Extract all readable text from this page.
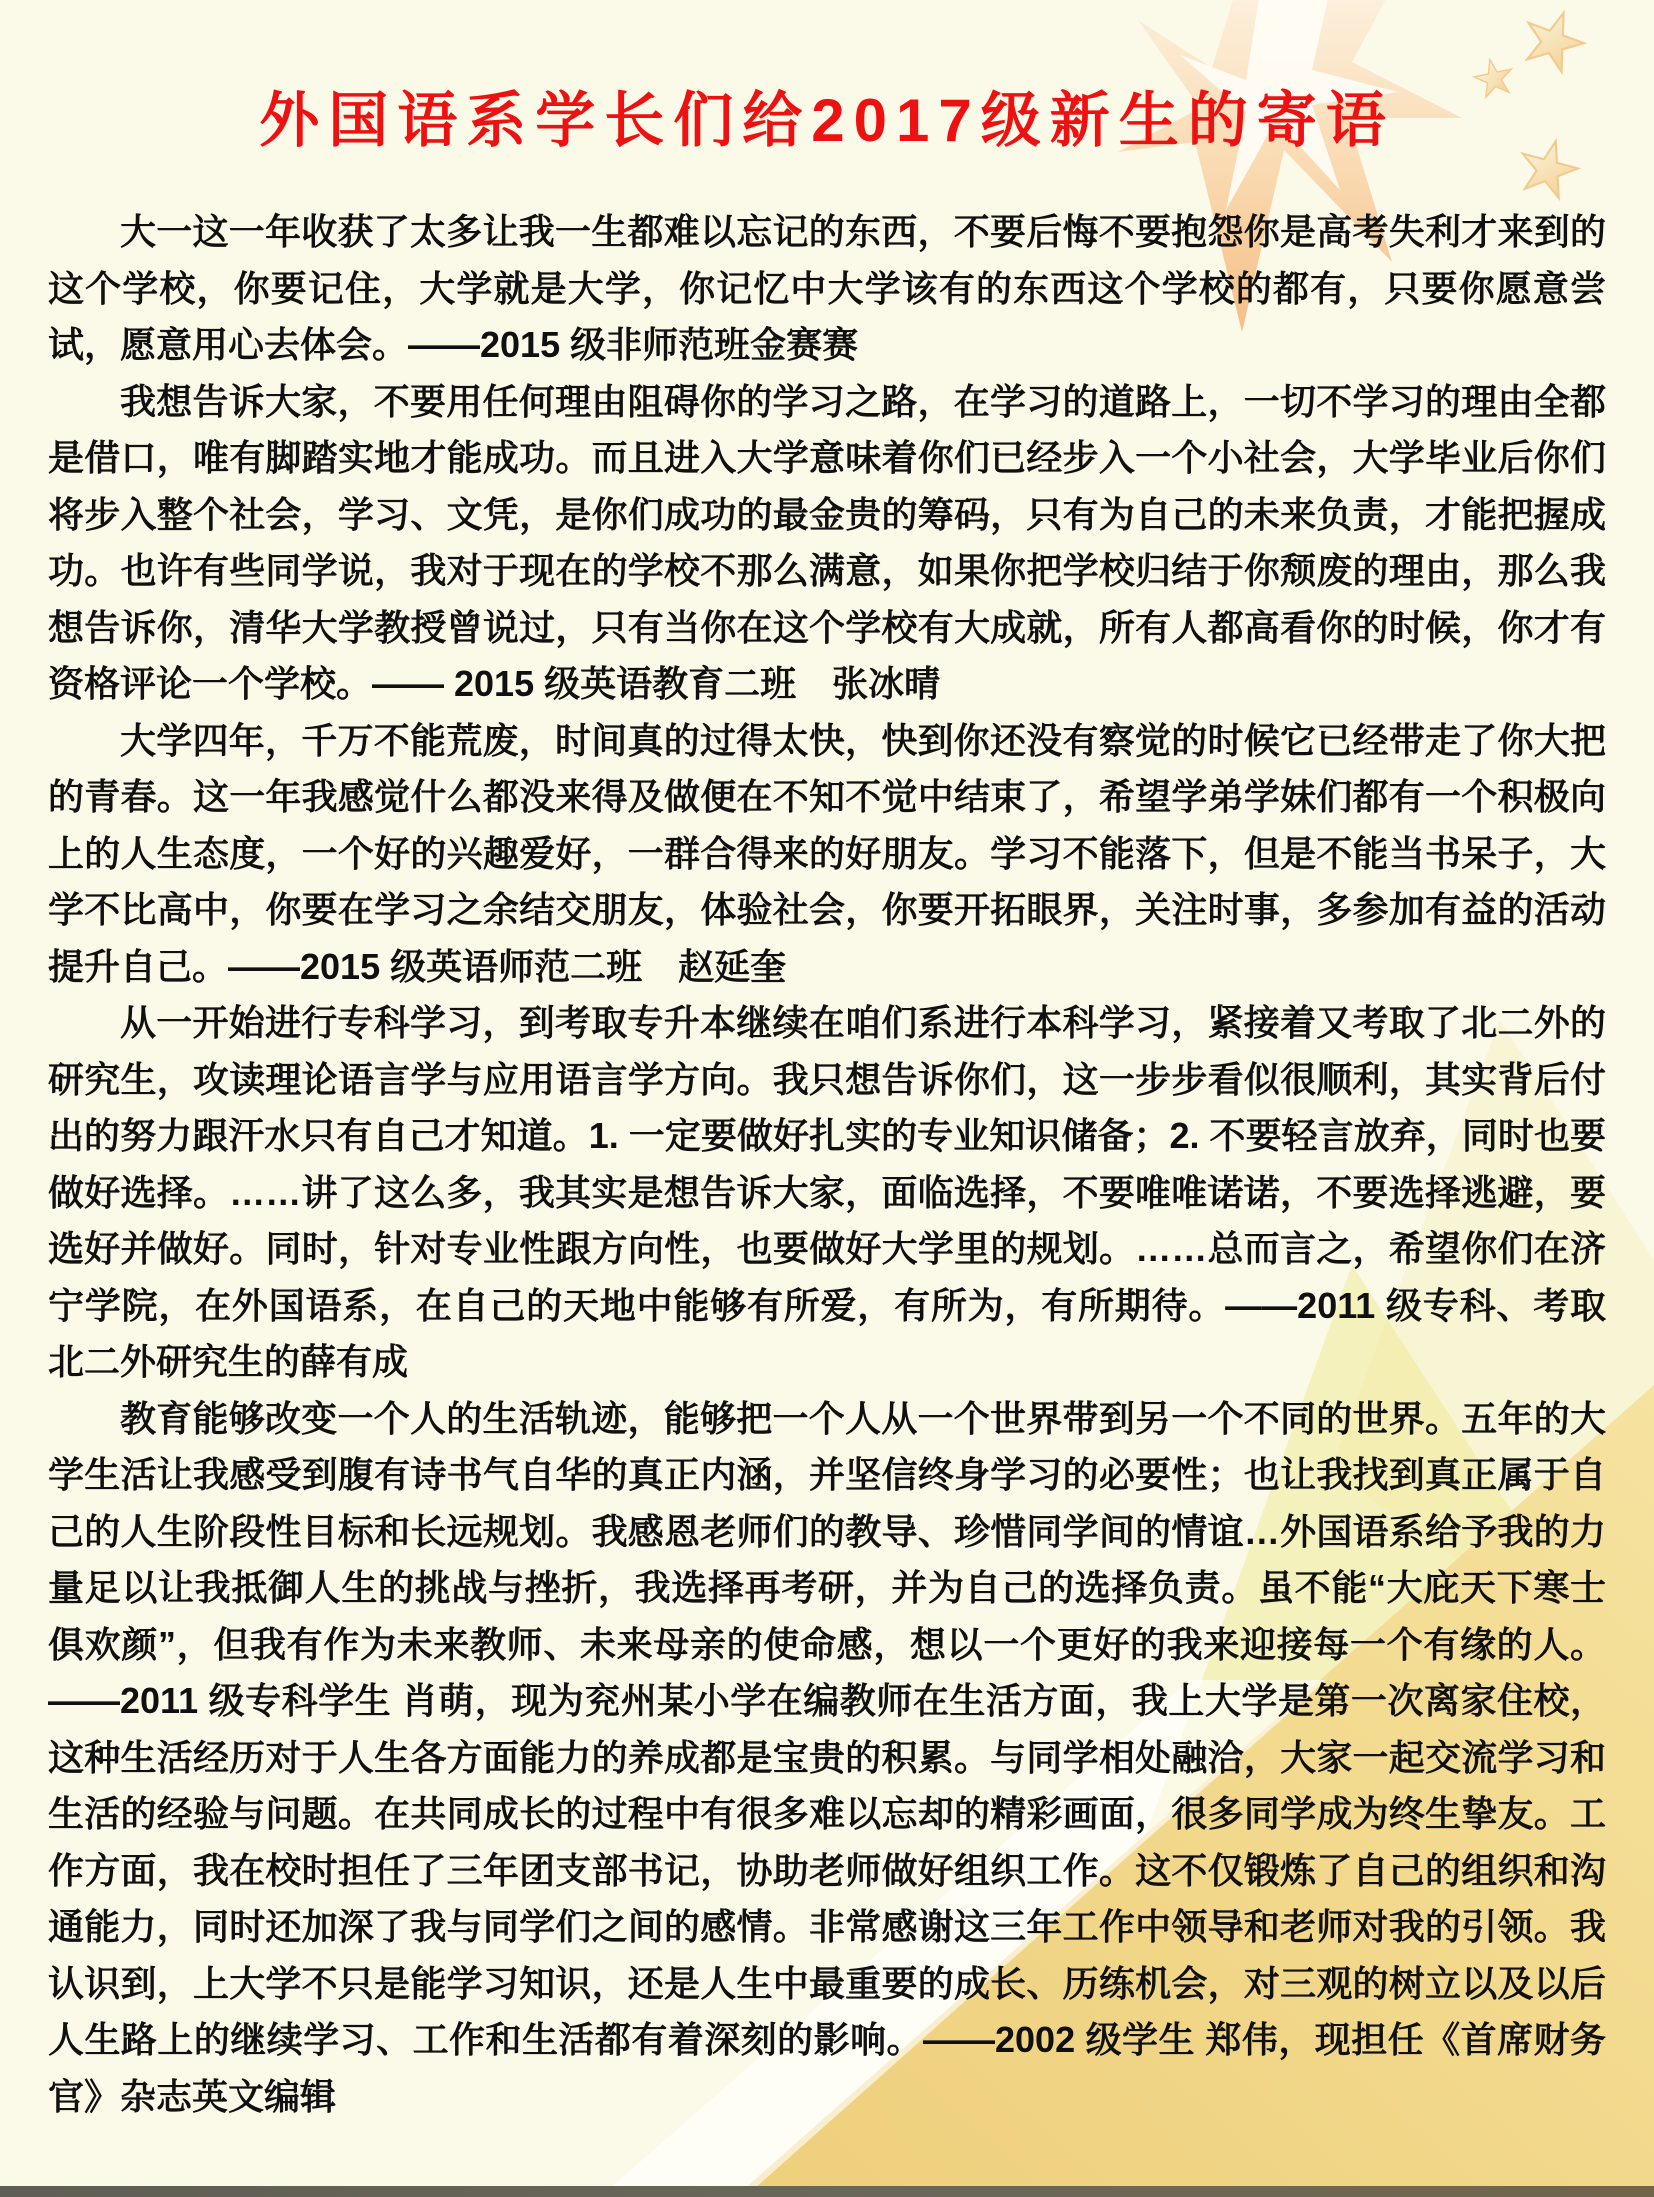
外国语系学长们给2017级新生的寄语

大一这一年收获了太多让我一生都难以忘记的东西，不要后悔不要抱怨你是高考失利才来到的这个学校，你要记住，大学就是大学，你记忆中大学该有的东西这个学校的都有，只要你愿意尝试，愿意用心去体会。——2015 级非师范班金赛赛

我想告诉大家，不要用任何理由阻碍你的学习之路，在学习的道路上，一切不学习的理由全都是借口，唯有脚踏实地才能成功。而且进入大学意味着你们已经步入一个小社会，大学毕业后你们将步入整个社会，学习、文凭，是你们成功的最金贵的筹码，只有为自己的未来负责，才能把握成功。也许有些同学说，我对于现在的学校不那么满意，如果你把学校归结于你颓废的理由，那么我想告诉你，清华大学教授曾说过，只有当你在这个学校有大成就，所有人都高看你的时候，你才有资格评论一个学校。—— 2015 级英语教育二班　张冰晴

大学四年，千万不能荒废，时间真的过得太快，快到你还没有察觉的时候它已经带走了你大把的青春。这一年我感觉什么都没来得及做便在不知不觉中结束了，希望学弟学妹们都有一个积极向上的人生态度，一个好的兴趣爱好，一群合得来的好朋友。学习不能落下，但是不能当书呆子，大学不比高中，你要在学习之余结交朋友，体验社会，你要开拓眼界，关注时事，多参加有益的活动提升自己。——2015 级英语师范二班　赵延奎

从一开始进行专科学习，到考取专升本继续在咱们系进行本科学习，紧接着又考取了北二外的研究生，攻读理论语言学与应用语言学方向。我只想告诉你们，这一步步看似很顺利，其实背后付出的努力跟汗水只有自己才知道。1. 一定要做好扎实的专业知识储备；2. 不要轻言放弃，同时也要做好选择。……讲了这么多，我其实是想告诉大家，面临选择，不要唯唯诺诺，不要选择逃避，要选好并做好。同时，针对专业性跟方向性，也要做好大学里的规划。……总而言之，希望你们在济宁学院，在外国语系，在自己的天地中能够有所爱，有所为，有所期待。——2011 级专科、考取北二外研究生的薛有成

教育能够改变一个人的生活轨迹，能够把一个人从一个世界带到另一个不同的世界。五年的大学生活让我感受到腹有诗书气自华的真正内涵，并坚信终身学习的必要性；也让我找到真正属于自己的人生阶段性目标和长远规划。我感恩老师们的教导、珍惜同学间的情谊…外国语系给予我的力量足以让我抵御人生的挑战与挫折，我选择再考研，并为自己的选择负责。虽不能“大庇天下寒士俱欢颜”，但我有作为未来教师、未来母亲的使命感，想以一个更好的我来迎接每一个有缘的人。——2011 级专科学生 肖萌，现为兖州某小学在编教师在生活方面，我上大学是第一次离家住校，这种生活经历对于人生各方面能力的养成都是宝贵的积累。与同学相处融洽，大家一起交流学习和生活的经验与问题。在共同成长的过程中有很多难以忘却的精彩画面，很多同学成为终生挚友。工作方面，我在校时担任了三年团支部书记，协助老师做好组织工作。这不仅锻炼了自己的组织和沟通能力，同时还加深了我与同学们之间的感情。非常感谢这三年工作中领导和老师对我的引领。我认识到，上大学不只是能学习知识，还是人生中最重要的成长、历练机会，对三观的树立以及以后人生路上的继续学习、工作和生活都有着深刻的影响。——2002 级学生 郑伟，现担任《首席财务官》杂志英文编辑
